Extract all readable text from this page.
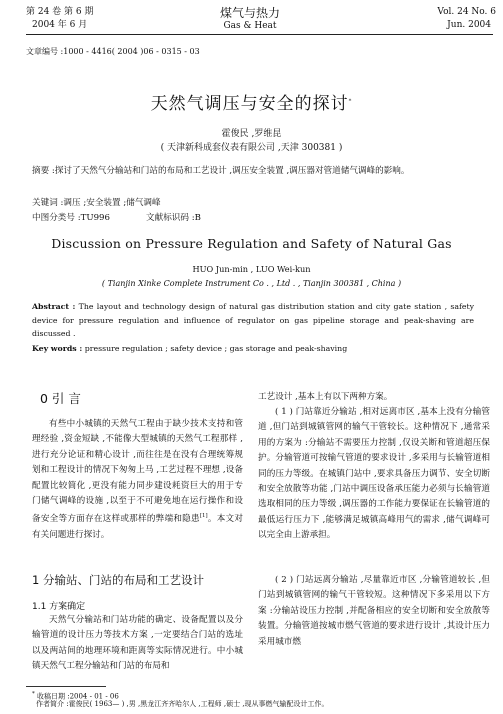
第 24 卷 第 6 期
2004 年 6 月
煤气与热力
Gas & Heat
Vol. 24 No. 6
Jun. 2004
文章编号 :1000 - 4416( 2004 )06 - 0315 - 03
天然气调压与安全的探讨*
霍俊民 ,罗维昆
( 天津新科成套仪表有限公司 ,天津 300381 )
摘要 :探讨了天然气分输站和门站的布局和工艺设计 ,调压安全装置 ,调压器对管道储气调峰的影响。
关键词 :调压 ;安全装置 ;储气调峰
中图分类号 :TU996	文献标识码 :B
Discussion on Pressure Regulation and Safety of Natural Gas
HUO Jun-min , LUO Wei-kun
( Tianjin Xinke Complete Instrument Co . , Ltd . , Tianjin 300381 , China )
Abstract : The layout and technology design of natural gas distribution station and city gate station , safety device for pressure regulation and influence of regulator on gas pipeline storage and peak-shaving are discussed .
Key words : pressure regulation ; safety device ; gas storage and peak-shaving
0 引 言
有些中小城镇的天然气工程由于缺少技术支持和管理经验 ,资金短缺 ,不能像大型城镇的天然气工程那样 ,进行充分论证和精心设计 ,而往往是在没有合理统筹规划和工程设计的情况下匆匆上马 ,工艺过程不理想 ,设备配置比较简化 ,更没有能力同步建设耗资巨大的用于专门储气调峰的设施 ,以至于不可避免地在运行操作和设备安全等方面存在这样或那样的弊端和隐患[1]。本文对有关问题进行探讨。
1 分输站、门站的布局和工艺设计
1.1 方案确定
天然气分输站和门站功能的确定、设备配置以及分输管道的设计压力等技术方案 ,一定要结合门站的选址以及两站间的地理环境和距离等实际情况进行。中小城镇天然气工程分输站和门站的布局和
工艺设计 ,基本上有以下两种方案。
( 1 ) 门站靠近分输站 ,相对远离市区 ,基本上没有分输管道 ,但门站到城镇管网的输气干管较长。这种情况下 ,通常采用的方案为 :分输站不需要压力控制 ,仅设关断和管道超压保护。分输管道可按输气管道的要求设计 ,多采用与长输管道相同的压力等级。在城镇门站中 ,要求具备压力调节、安全切断和安全放散等功能 ,门站中调压设备承压能力必须与长输管道选取相同的压力等级 ,调压器的工作能力要保证在长输管道的最低运行压力下 ,能够满足城镇高峰用气的需求 ,储气调峰可以完全由上游承担。
( 2 ) 门站远离分输站 ,尽量靠近市区 ,分输管道较长 ,但门站到城镇管网的输气干管较短。这种情况下多采用以下方案 :分输站设压力控制 ,并配备相应的安全切断和安全放散等装置。分输管道按城市燃气管道的要求进行设计 ,其设计压力采用城市燃
* 收稿日期 :2004 - 01 - 06
作者简介 :霍俊民( 1963— ) ,男 ,黑龙江齐齐哈尔人 ,工程师 ,硕士 ,现从事燃气输配设计工作。
